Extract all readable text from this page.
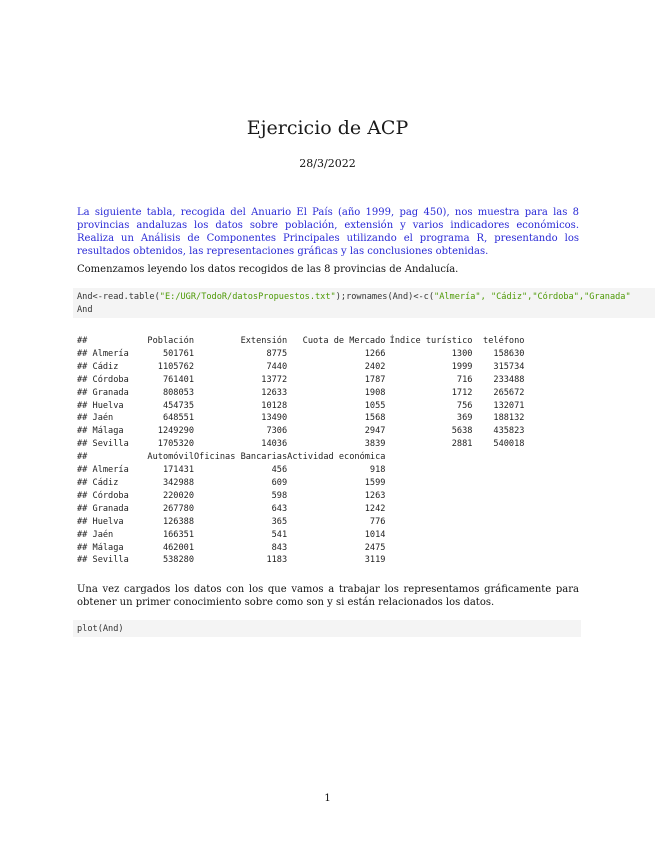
Ejercicio de ACP
28/3/2022
La siguiente tabla, recogida del Anuario El País (año 1999, pag 450), nos muestra para las 8 provincias andaluzas los datos sobre población, extensión y varios indicadores económicos. Realiza un Análisis de Componentes Principales utilizando el programa R, presentando los resultados obtenidos, las representaciones gráficas y las conclusiones obtenidas.
Comenzamos leyendo los datos recogidos de las 8 provincias de Andalucía.
And<-read.table("E:/UGR/TodoR/datosPropuestos.txt");rownames(And)<-c("Almería", "Cádiz","Córdoba","Granada"
And
##	Población	Extensión	Cuota de Mercado	Índice turístico	teléfono
## Almería	501761	8775	1266	1300	158630
## Cádiz	1105762	7440	2402	1999	315734
## Córdoba	761401	13772	1787	716	233488
## Granada	808053	12633	1908	1712	265672
## Huelva	454735	10128	1055	756	132071
## Jaén	648551	13490	1568	369	188132
## Málaga	1249290	7306	2947	5638	435823
## Sevilla	1705320	14036	3839	2881	540018
##	Automóvil	Oficinas Bancarias	Actividad económica		
## Almería	171431	456	918		
## Cádiz	342988	609	1599		
## Córdoba	220020	598	1263		
## Granada	267780	643	1242		
## Huelva	126388	365	776		
## Jaén	166351	541	1014		
## Málaga	462001	843	2475		
## Sevilla	538280	1183	3119		
Una vez cargados los datos con los que vamos a trabajar los representamos gráficamente para obtener un primer conocimiento sobre como son y si están relacionados los datos.
plot(And)
1
